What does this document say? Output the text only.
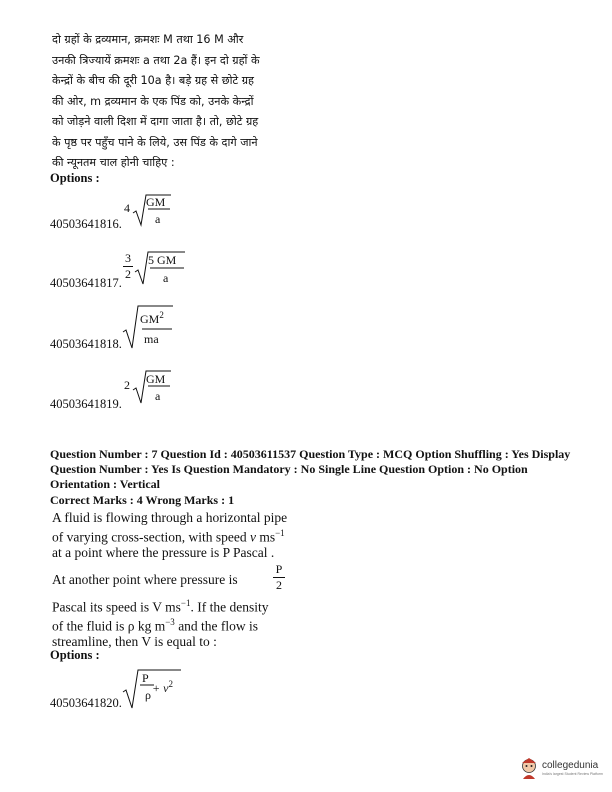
दो ग्रहों के द्रव्यमान, क्रमशः M तथा 16 M और
उनकी त्रिज्यायें क्रमशः a तथा 2a हैं। इन दो ग्रहों के
केन्द्रों के बीच की दूरी 10a है। बड़े ग्रह से छोटे ग्रह
की ओर, m द्रव्यमान के एक पिंड को, उनके केन्द्रों
को जोड़ने वाली दिशा में दागा जाता है। तो, छोटे ग्रह
के पृष्ठ पर पहुँच पाने के लिये, उस पिंड के दागे जाने
की न्यूनतम चाल होनी चाहिए :
Options :
40503641816.
4 GM
a
40503641817.
3
2
5 GM
a
40503641818.
$GM^2$
ma
40503641819.
2 GM
a
Question Number : 7 Question Id : 40503611537 Question Type : MCQ Option Shuffling : Yes Display
Question Number : Yes Is Question Mandatory : No Single Line Question Option : No Option
Orientation : Vertical
Correct Marks : 4 Wrong Marks : 1
A fluid is flowing through a horizontal pipe
of varying cross-section, with speed v $ms^{-1}$
at a point where the pressure is P Pascal .
At another point where pressure is
P
2
Pascal its speed is V $ms^{-1}$. If the density
of the fluid is ρ kg $m^{-3}$ and the flow is
streamline, then V is equal to :
Options :
40503641820.
P
$\rho + v^2$
collegedunia
India's largest Student Review Platform
